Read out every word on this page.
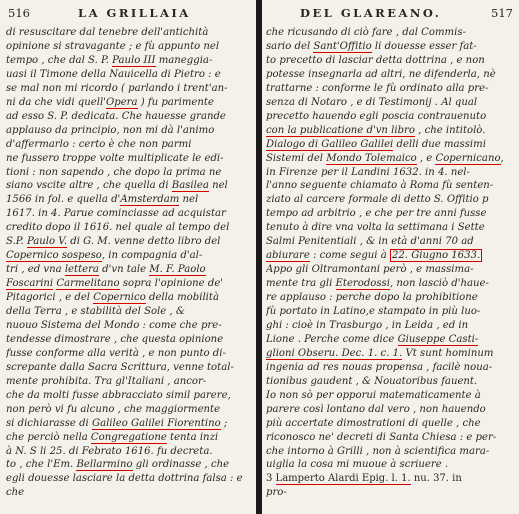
516	LA GRILLAIA
di resuscitare dal tenebre dell'antichità
opinione si stravagante ; e fù appunto nel
tempo , che dal S. P. Paulo III maneggia-
uasi il Timone della Nauicella di Pietro : e
se mal non mi ricordo ( parlando i trent'an-
ni da che vidi quell'Opera ) fu parimente
ad esso S. P. dedicata. Che hauesse grande
applauso da principio, non mi dà l'animo
d'affermarlo : certo è che non parmi
ne fussero troppe volte multiplicate le edi-
tioni : non sapendo , che dopo la prima ne
siano vscite altre , che quella di Basilea nel
1566 in fol. e quella d'Amsterdam nel
1617. in 4. Parue cominciasse ad acquistar
credito dopo il 1616. nel quale al tempo del
S.P. Paulo V. di G. M. venne detto libro del
Copernico sospeso, in compagnia d'al-
tri , ed vna lettera d'vn tale M. F. Paolo
Foscarini Carmelitano sopra l'opinione de'
Pitagorici , e del Copernico della mobilità
della Terra , e stabilità del Sole , &
nuouo Sistema del Mondo : come che pre-
tendesse dimostrare , che questa opinione
fusse conforme alla verità , e non punto di-
screpante dalla Sacra Scrittura, venne total-
mente prohibita. Tra gl'Italiani , ancor-
che da molti fusse abbracciato simil parere,
non però vi fu alcuno , che maggiormente
si dichiarasse di Galileo Galilei Fiorentino ;
che perciò nella Congregatione tenta inzi
à N. S li 25. di Febrato 1616. fu decreta.
to , che l'Em. Bellarmino gli ordinasse , che
egli douesse lasciare la detta dottrina falsa : e
che
DEL GLAREANO.	517
che ricusando di ciò fare , dal Commis-
sario del Sant'Offitio li douesse esser fat-
to precetto di lasciar detta dottrina , e non
potesse insegnarla ad altri, ne difenderla, nè
trattarne : conforme le fù ordinato alla pre-
senza di Notaro , e di Testimonij . Al qual
precetto hauendo egli poscia contrauenuto
con la publicatione d'vn libro , che intitolò.
Dialogo di Galileo Galilei delli due massimi
Sistemi del Mondo Tolemaico , e Copernicano,
in Firenze per il Landini 1632. in 4. nel-
l'anno seguente chiamato à Roma fù senten-
ziato al carcere formale di detto S. Offitio p
tempo ad arbitrio , e che per tre anni fusse
tenuto à dire vna volta la settimana i Sette
Salmi Penitentiali , & in età d'anni 70 ad
abiurare : come segui à 22. Giugno 1633.
Appo gli Oltramontani però , e massima-
mente tra gli Eterodossi, non lasciò d'haue-
re applauso : perche dopo la prohibitione
fù portato in Latino,e stampato in più luo-
ghi : cioè in Trasburgo , in Leida , ed in
Lione . Perche come dice Giuseppe Casti-
glioni Obseru. Dec. 1. c. 1. Vt sunt hominum
ingenia ad res nouas propensa , facilè noua-
tionibus gaudent , & Nouatoribus fauent.
Io non sò per opporui matematicamente à
parere così lontano dal vero , non hauendo
più accertate dimostrationi di quelle , che
riconosco ne' decreti di Santa Chiesa : e per-
che intorno à Grilli , non à scientifica mara-
uiglia la cosa mi muoue à scriuere .
3 Lamperto Alardi Epig. l. 1. nu. 37. in
pro-
